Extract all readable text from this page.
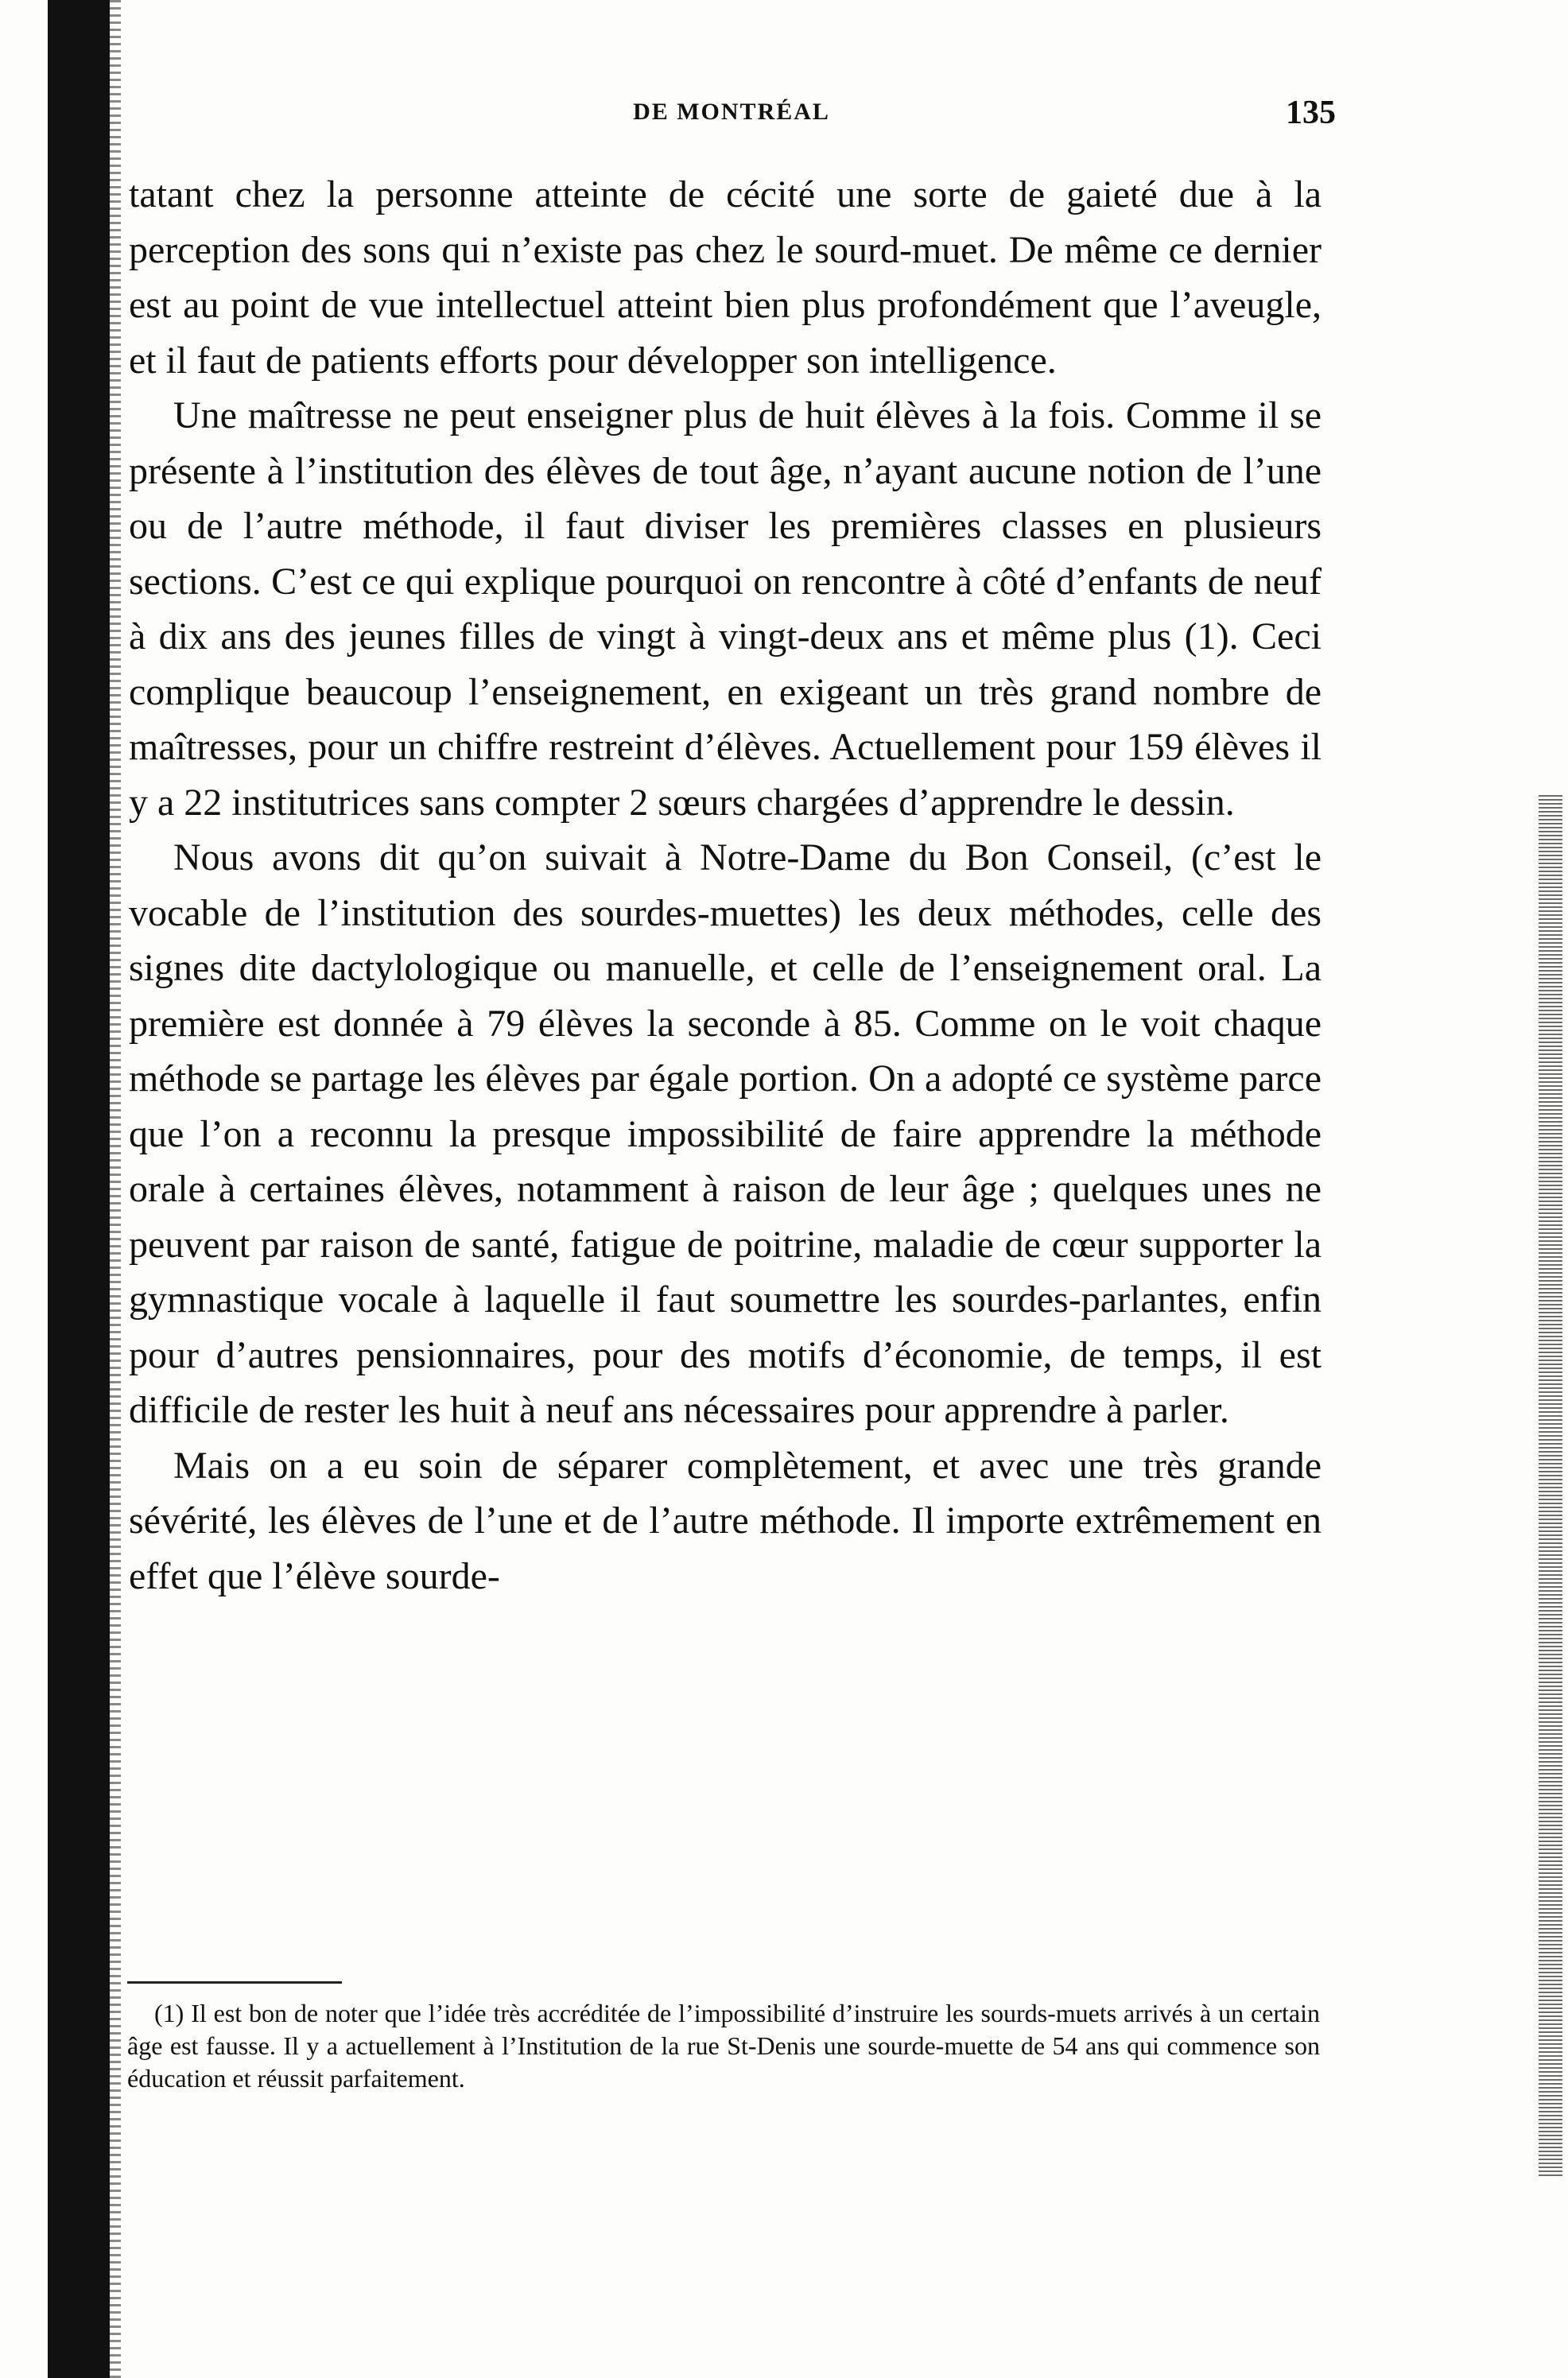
DE MONTRÉAL	135

tatant chez la personne atteinte de cécité une sorte de gaieté due à la perception des sons qui n’existe pas chez le sourd-muet. De même ce dernier est au point de vue intellectuel atteint bien plus profondément que l’aveugle, et il faut de patients efforts pour développer son intelligence.

Une maîtresse ne peut enseigner plus de huit élèves à la fois. Comme il se présente à l’institution des élèves de tout âge, n’ayant aucune notion de l’une ou de l’autre méthode, il faut diviser les premières classes en plusieurs sections. C’est ce qui explique pourquoi on rencontre à côté d’enfants de neuf à dix ans des jeunes filles de vingt à vingt-deux ans et même plus (1). Ceci complique beaucoup l’enseignement, en exigeant un très grand nombre de maîtresses, pour un chiffre restreint d’élèves. Actuellement pour 159 élèves il y a 22 institutrices sans compter 2 sœurs chargées d’apprendre le dessin.

Nous avons dit qu’on suivait à Notre-Dame du Bon Conseil, (c’est le vocable de l’institution des sourdes-muettes) les deux méthodes, celle des signes dite dactylologique ou manuelle, et celle de l’enseignement oral. La première est donnée à 79 élèves la seconde à 85. Comme on le voit chaque méthode se partage les élèves par égale portion. On a adopté ce système parce que l’on a reconnu la presque impossibilité de faire apprendre la méthode orale à certaines élèves, notamment à raison de leur âge ; quelques unes ne peuvent par raison de santé, fatigue de poitrine, maladie de cœur supporter la gymnastique vocale à laquelle il faut soumettre les sourdes-parlantes, enfin pour d’autres pensionnaires, pour des motifs d’économie, de temps, il est difficile de rester les huit à neuf ans nécessaires pour apprendre à parler.

Mais on a eu soin de séparer complètement, et avec une très grande sévérité, les élèves de l’une et de l’autre méthode. Il importe extrêmement en effet que l’élève sourde-

(1) Il est bon de noter que l’idée très accréditée de l’impossibilité d’instruire les sourds-muets arrivés à un certain âge est fausse. Il y a actuellement à l’Institution de la rue St-Denis une sourde-muette de 54 ans qui commence son éducation et réussit parfaitement.
